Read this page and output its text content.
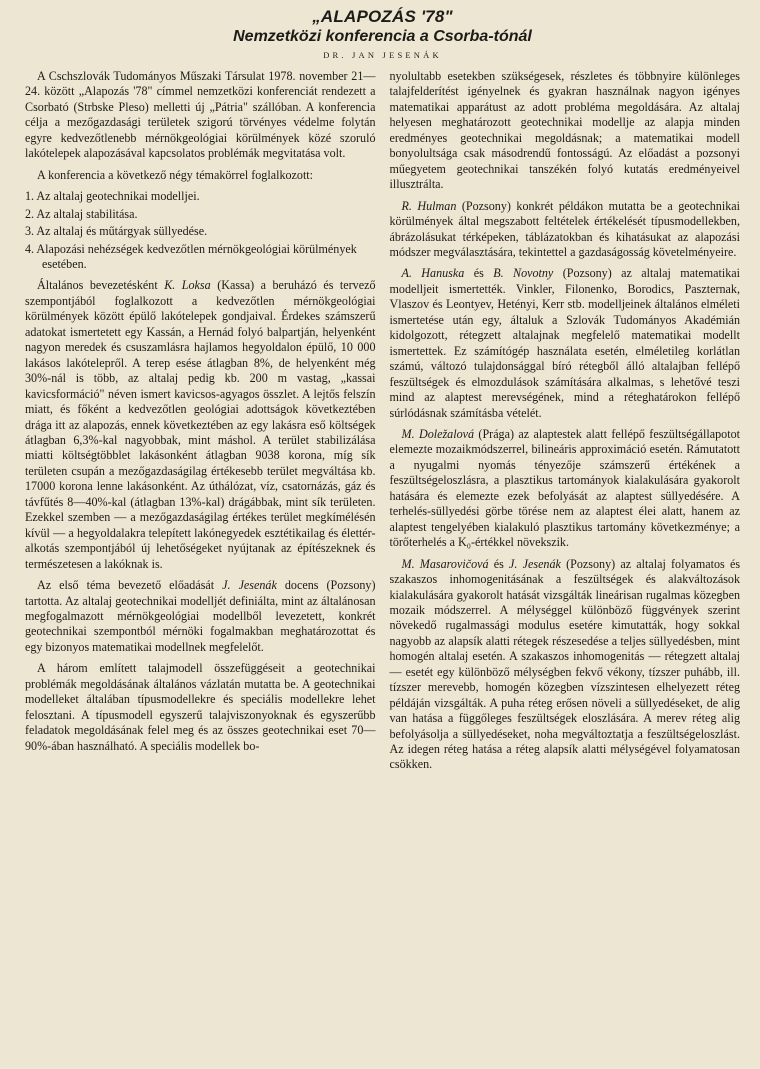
„ALAPOZÁS '78"
Nemzetközi konferencia a Csorba-tónál
DR. JAN JESENÁK

A Cschszlovák Tudományos Műszaki Társulat 1978. november 21—24. között „Alapozás '78" címmel nemzetközi konferenciát rendezett a Csorbató (Strbske Pleso) melletti új „Pátria" szállóban. A konferencia célja a mezőgazdasági területek szigorú törvényes védelme folytán egyre kedvezőtlenebb mérnökgeológiai körülmények közé szoruló lakótelepek alapozásával kapcsolatos problémák megvitatása volt.

A konferencia a következő négy témakörrel foglalkozott:

1. Az altalaj geotechnikai modelljei.
2. Az altalaj stabilitása.
3. Az altalaj és műtárgyak süllyedése.
4. Alapozási nehézségek kedvezőtlen mérnökgeológiai körülmények esetében.

Általános bevezetésként K. Loksa (Kassa) a beruházó és tervező szempontjából foglalkozott a kedvezőtlen mérnökgeológiai körülmények között épülő lakótelepek gondjaival. Érdekes számszerű adatokat ismertetett egy Kassán, a Hernád folyó balpartján, helyenként nagyon meredek és csuszamlásra hajlamos hegyoldalon épülő, 10 000 lakásos lakótelepről. A terep esése átlagban 8%, de helyenként még 30%-nál is több, az altalaj pedig kb. 200 m vastag, „kassai kavicsformáció" néven ismert kavicsos-agyagos összlet. A lejtős felszín miatt, és főként a kedvezőtlen geológiai adottságok következtében drága itt az alapozás, ennek következtében az egy lakásra eső költségek átlagban 6,3%-kal nagyobbak, mint máshol. A terület stabilizálása miatti költségtöbblet lakásonként átlagban 9038 korona, míg sík területen csupán a mezőgazdaságilag értékesebb terület megváltása kb. 17000 korona lenne lakásonként. Az úthálózat, víz, csatornázás, gáz és távfűtés 8—40%-kal (átlagban 13%-kal) drágábbak, mint sík területen. Ezekkel szemben — a mezőgazdaságilag értékes terület megkímélésén kívül — a hegyoldalakra telepített lakónegyedek esztétikailag és élettér-alkotás szempontjából új lehetőségeket nyújtanak az építészeknek és természetesen a lakóknak is.

Az első téma bevezető előadását J. Jesenák docens (Pozsony) tartotta. Az altalaj geotechnikai modelljét definiálta, mint az általánosan megfogalmazott mérnökgeológiai modellből levezetett, konkrét geotechnikai szempontból mérnöki fogalmakban meghatározottat és egy bizonyos matematikai modellnek megfelelőt.

A három említett talajmodell összefüggéseit a geotechnikai problémák megoldásának általános vázlatán mutatta be. A geotechnikai modelleket általában típusmodellekre és speciális modellekre lehet felosztani. A típusmodell egyszerű talajviszonyoknak és egyszerűbb feladatok megoldásának felel meg és az összes geotechnikai eset 70—90%-ában használható. A speciális modellek bo-

nyolultabb esetekben szükségesek, részletes és többnyire különleges talajfelderítést igényelnek és gyakran használnak nagyon igényes matematikai apparátust az adott probléma megoldására. Az altalaj helyesen meghatározott geotechnikai modellje az alapja minden eredményes geotechnikai megoldásnak; a matematikai modell bonyolultsága csak másodrendű fontosságú. Az előadást a pozsonyi műegyetem geotechnikai tanszékén folyó kutatás eredményeivel illusztrálta.

R. Hulman (Pozsony) konkrét példákon mutatta be a geotechnikai körülmények által megszabott feltételek értékelését típusmodellekben, ábrázolásukat térképeken, táblázatokban és kihatásukat az alapozási módszer megválasztására, tekintettel a gazdaságosság követelményeire.

A. Hanuska és B. Novotny (Pozsony) az altalaj matematikai modelljeit ismertették. Vinkler, Filonenko, Borodics, Paszternak, Vlaszov és Leontyev, Hetényi, Kerr stb. modelljeinek általános elméleti ismertetése után egy, általuk a Szlovák Tudományos Akadémián kidolgozott, rétegzett altalajnak megfelelő matematikai modellt ismertettek. Ez számítógép használata esetén, elméletileg korlátlan számú, változó tulajdonsággal bíró rétegből álló altalajban fellépő feszültségek és elmozdulások számítására alkalmas, s lehetővé teszi mind az alaptest merevségének, mind a réteghatárokon fellépő súrlódásnak számításba vételét.

M. Doležalová (Prága) az alaptestek alatt fellépő feszültségállapotot elemezte mozaikmódszerrel, bilineáris approximáció esetén. Rámutatott a nyugalmi nyomás tényezője számszerű értékének a feszültségeloszlásra, a plasztikus tartományok kialakulására gyakorolt hatására és elemezte ezek befolyását az alaptest süllyedésére. A terhelés-süllyedési görbe törése nem az alaptest élei alatt, hanem az alaptest tengelyében kialakuló plasztikus tartomány következménye; a törőterhelés a K₀-értékkel növekszik.

M. Masarovičová és J. Jesenák (Pozsony) az altalaj folyamatos és szakaszos inhomogenitásának a feszültségek és alakváltozások kialakulására gyakorolt hatását vizsgálták lineárisan rugalmas közegben mozaik módszerrel. A mélységgel különböző függvények szerint növekedő rugalmassági modulus esetére kimutatták, hogy sokkal nagyobb az alapsík alatti rétegek részesedése a teljes süllyedésben, mint homogén altalaj esetén. A szakaszos inhomogenitás — rétegzett altalaj — esetét egy különböző mélységben fekvő vékony, tízszer puhább, ill. tízszer merevebb, homogén közegben vízszintesen elhelyezett réteg példáján vizsgálták. A puha réteg erősen növeli a süllyedéseket, de alig van hatása a függőleges feszültségek eloszlására. A merev réteg alig befolyásolja a süllyedéseket, noha megváltoztatja a feszültségeloszlást. Az idegen réteg hatása a réteg alapsík alatti mélységével folyamatosan csökken.
